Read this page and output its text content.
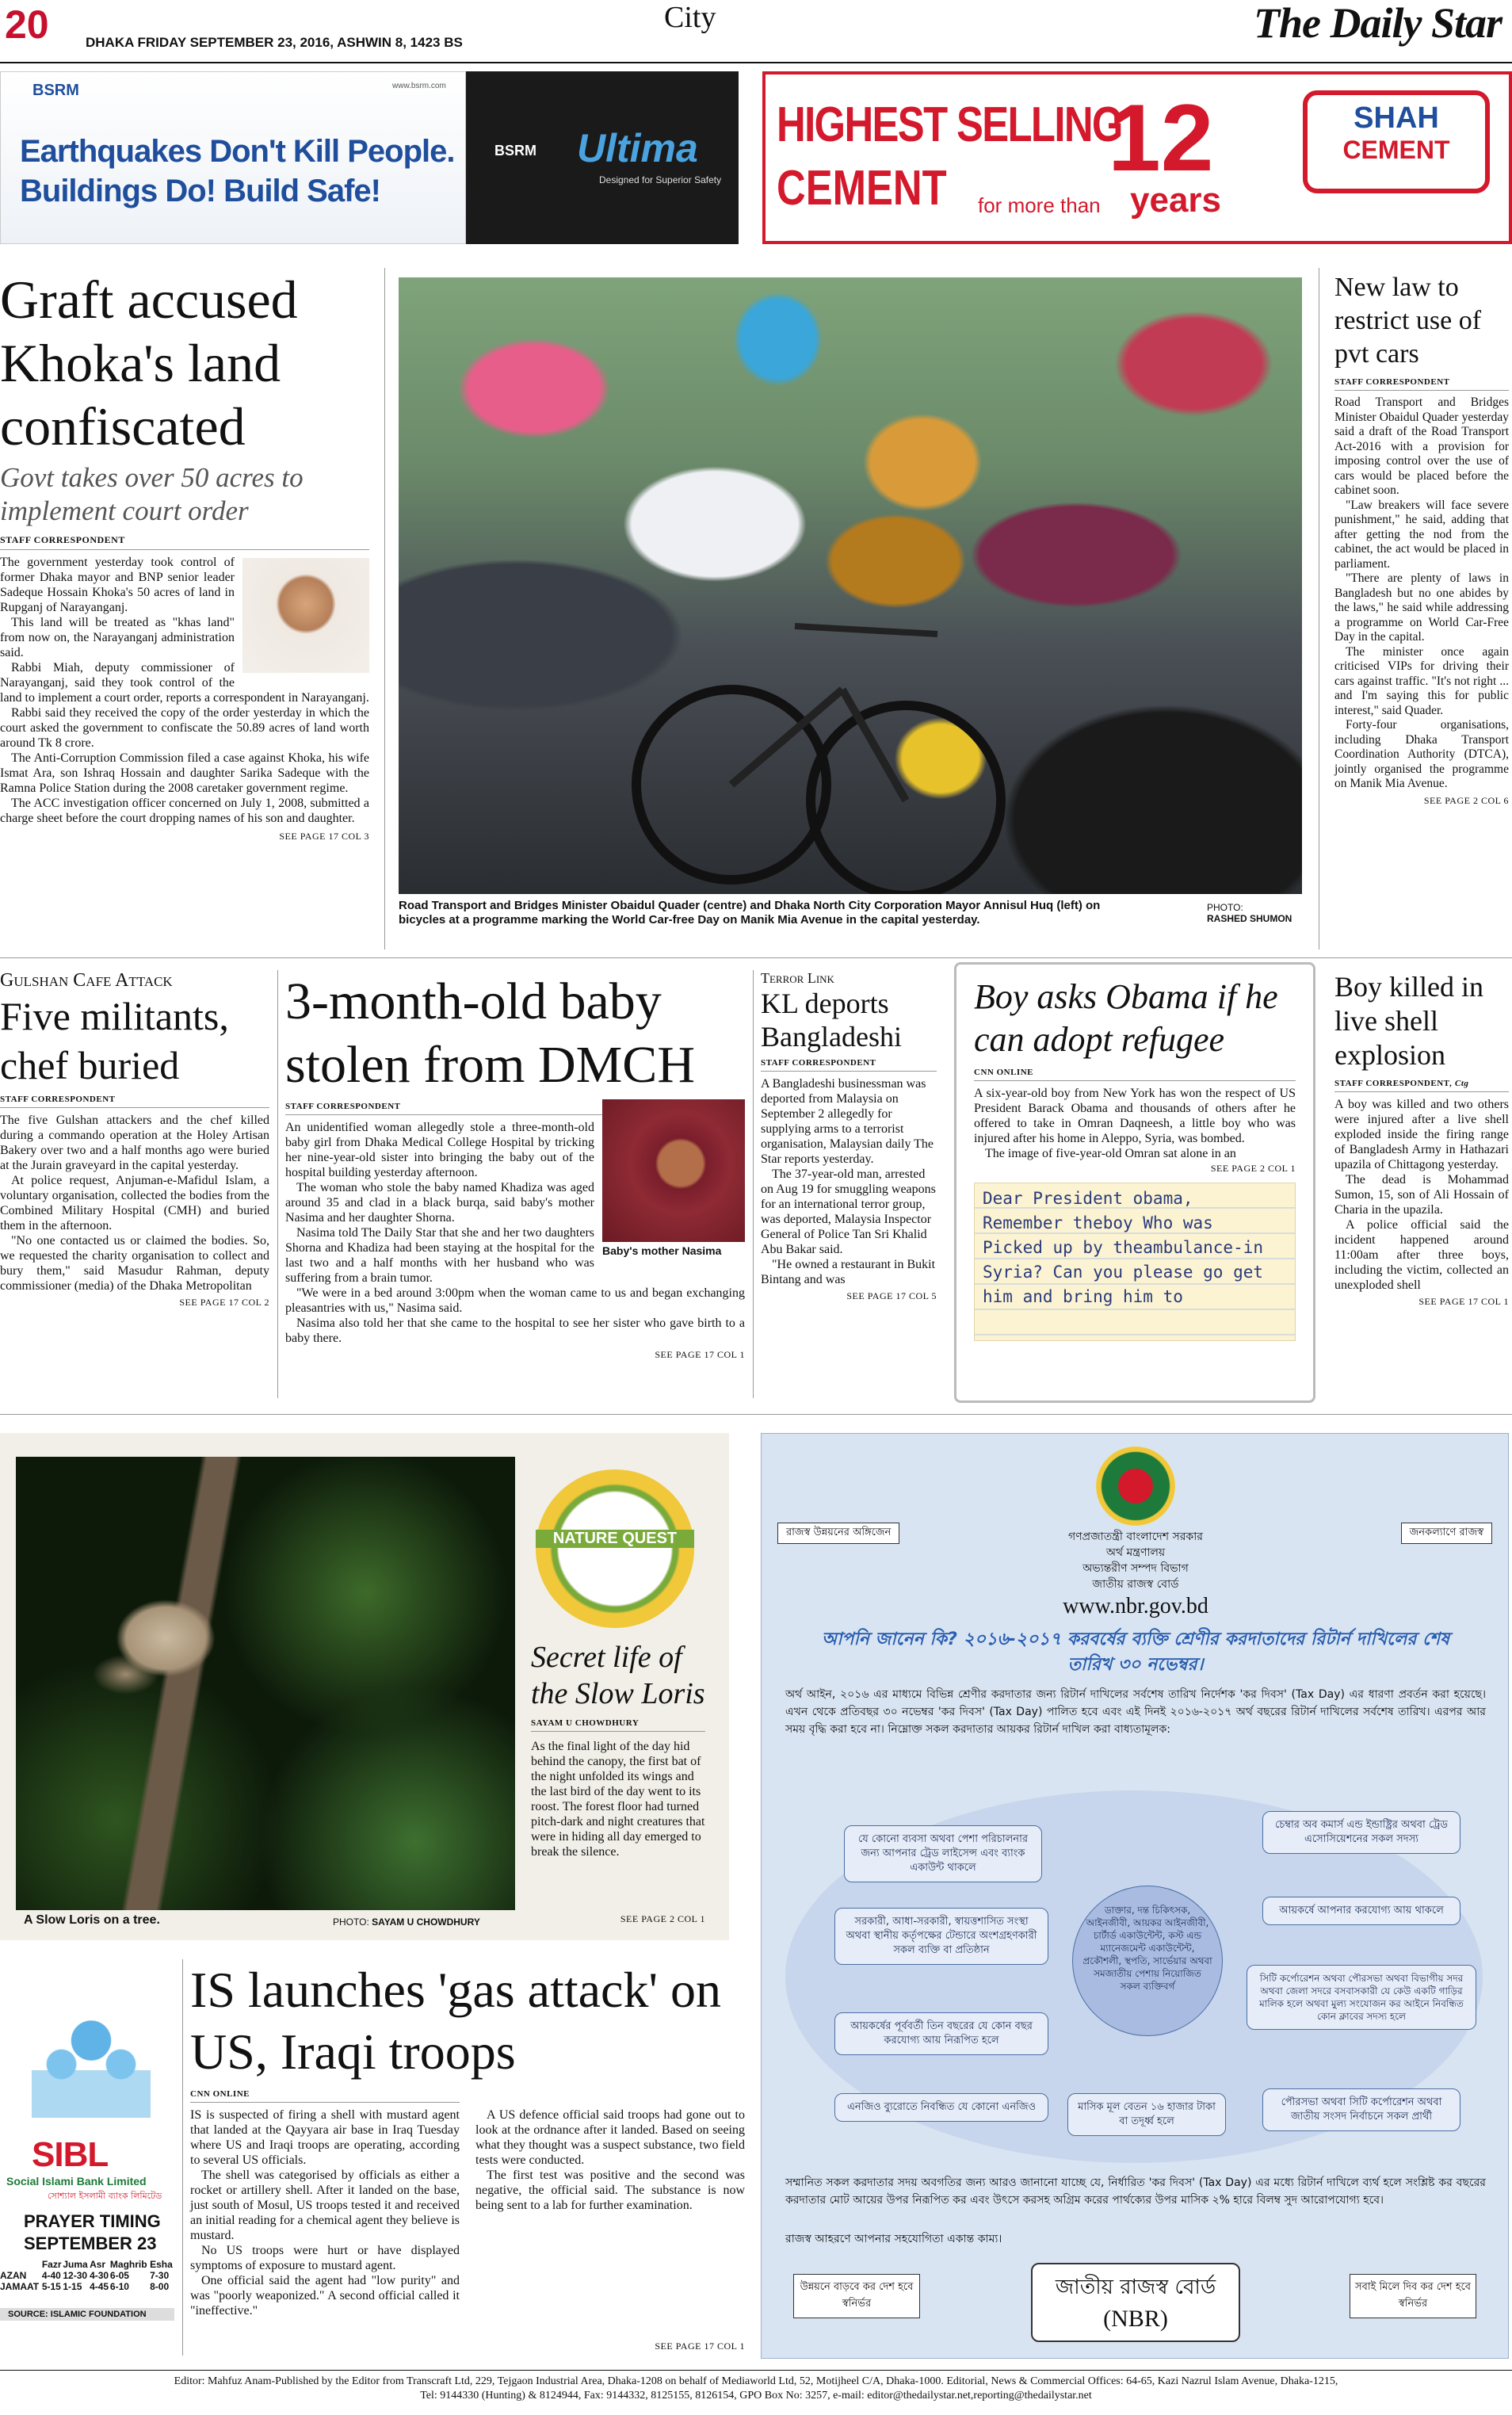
20	DHAKA FRIDAY SEPTEMBER 23, 2016, ASHWIN 8, 1423 BS
City	The Daily Star
BSRM	www.bsrm.com
Earthquakes Don't Kill People.
Buildings Do! Build Safe!
BSRM Ultima
Designed for Superior Safety
HIGHEST SELLING
CEMENT 12
for more than years
SHAH
CEMENT
Graft accused Khoka's land confiscated
Govt takes over 50 acres to implement court order
STAFF CORRESPONDENT

The government yesterday took control of former Dhaka mayor and BNP senior leader Sadeque Hossain Khoka's 50 acres of land in Rupganj of Narayanganj.

This land will be treated as "khas land" from now on, the Narayanganj administration said.

Rabbi Miah, deputy commissioner of Narayanganj, said they took control of the land to implement a court order, reports a correspondent in Narayanganj.

Rabbi said they received the copy of the order yesterday in which the court asked the government to confiscate the 50.89 acres of land worth around Tk 8 crore.

The Anti-Corruption Commission filed a case against Khoka, his wife Ismat Ara, son Ishraq Hossain and daughter Sarika Sadeque with the Ramna Police Station during the 2008 caretaker government regime.

The ACC investigation officer concerned on July 1, 2008, submitted a charge sheet before the court dropping names of his son and daughter.

SEE PAGE 17 COL 3
Road Transport and Bridges Minister Obaidul Quader (centre) and Dhaka North City Corporation Mayor Annisul Huq (left) on bicycles at a programme marking the World Car-free Day on Manik Mia Avenue in the capital yesterday.
PHOTO:
RASHED SHUMON
New law to restrict use of pvt cars
STAFF CORRESPONDENT

Road Transport and Bridges Minister Obaidul Quader yesterday said a draft of the Road Transport Act-2016 with a provision for imposing control over the use of cars would be placed before the cabinet soon.

"Law breakers will face severe punishment," he said, adding that after getting the nod from the cabinet, the act would be placed in parliament.

"There are plenty of laws in Bangladesh but no one abides by the laws," he said while addressing a programme on World Car-Free Day in the capital.

The minister once again criticised VIPs for driving their cars against traffic. "It's not right ... and I'm saying this for public interest," said Quader.

Forty-four organisations, including Dhaka Transport Coordination Authority (DTCA), jointly organised the programme on Manik Mia Avenue.

SEE PAGE 2 COL 6
Gulshan Cafe Attack
Five militants, chef buried
STAFF CORRESPONDENT

The five Gulshan attackers and the chef killed during a commando operation at the Holey Artisan Bakery over two and a half months ago were buried at the Jurain graveyard in the capital yesterday.

At police request, Anjuman-e-Mafidul Islam, a voluntary organisation, collected the bodies from the Combined Military Hospital (CMH) and buried them in the afternoon.

"No one contacted us or claimed the bodies. So, we requested the charity organisation to collect and bury them," said Masudur Rahman, deputy commissioner (media) of the Dhaka Metropolitan

SEE PAGE 17 COL 2
3-month-old baby stolen from DMCH
STAFF CORRESPONDENT
Baby's mother Nasima

An unidentified woman allegedly stole a three-month-old baby girl from Dhaka Medical College Hospital by tricking her nine-year-old sister into bringing the baby out of the hospital building yesterday afternoon.

The woman who stole the baby named Khadiza was aged around 35 and clad in a black burqa, said baby's mother Nasima and her daughter Shorna.

Nasima told The Daily Star that she and her two daughters Shorna and Khadiza had been staying at the hospital for the last two and a half months with her husband who was suffering from a brain tumor.

"We were in a bed around 3:00pm when the woman came to us and began exchanging pleasantries with us," Nasima said.

Nasima also told her that she came to the hospital to see her sister who gave birth to a baby there.

SEE PAGE 17 COL 1
Terror Link
KL deports Bangladeshi
STAFF CORRESPONDENT

A Bangladeshi businessman was deported from Malaysia on September 2 allegedly for supplying arms to a terrorist organisation, Malaysian daily The Star reports yesterday.

The 37-year-old man, arrested on Aug 19 for smuggling weapons for an international terror group, was deported, Malaysia Inspector General of Police Tan Sri Khalid Abu Bakar said.

"He owned a restaurant in Bukit Bintang and was

SEE PAGE 17 COL 5
Boy asks Obama if he can adopt refugee
CNN ONLINE

A six-year-old boy from New York has won the respect of US President Barack Obama and thousands of others after he offered to take in Omran Daqneesh, a little boy who was injured after his home in Aleppo, Syria, was bombed.

The image of five-year-old Omran sat alone in an

SEE PAGE 2 COL 1
Dear President obama,
Remember theboy Who was
Picked up by theambulance-in
Syria? Can you please go get
him and bring him to
Boy killed in live shell explosion
STAFF CORRESPONDENT, Ctg

A boy was killed and two others were injured after a live shell exploded inside the firing range of Bangladesh Army in Hathazari upazila of Chittagong yesterday.

The dead is Mohammad Sumon, 15, son of Ali Hossain of Charia in the upazila.

A police official said the incident happened around 11:00am after three boys, including the victim, collected an unexploded shell

SEE PAGE 17 COL 1
A Slow Loris on a tree.	PHOTO: SAYAM U CHOWDHURY
NATURE QUEST
Secret life of the Slow Loris
SAYAM U CHOWDHURY

As the final light of the day hid behind the canopy, the first bat of the night unfolded its wings and the last bird of the day went to its roost. The forest floor had turned pitch-dark and night creatures that were in hiding all day emerged to break the silence.

SEE PAGE 2 COL 1
রাজস্ব উন্নয়নের অঙ্গিজেন	জনকল্যাণে রাজস্ব
গণপ্রজাতন্ত্রী বাংলাদেশ সরকার
অর্থ মন্ত্রণালয়
অভ্যন্তরীণ সম্পদ বিভাগ
জাতীয় রাজস্ব বোর্ড
www.nbr.gov.bd
আপনি জানেন কি? ২০১৬-২০১৭ করবর্ষের ব্যক্তি শ্রেণীর করদাতাদের রিটার্ন দাখিলের শেষ তারিখ ৩০ নভেম্বর।
অর্থ আইন, ২০১৬ এর মাধ্যমে বিভিন্ন শ্রেণীর করদাতার জন্য রিটার্ন দাখিলের সর্বশেষ তারিখ নির্দেশক 'কর দিবস' (Tax Day) এর ধারণা প্রবর্তন করা হয়েছে। এখন থেকে প্রতিবছর ৩০ নভেম্বর 'কর দিবস' (Tax Day) পালিত হবে এবং এই দিনই ২০১৬-২০১৭ অর্থ বছরের রিটার্ন দাখিলের সর্বশেষ তারিখ। এরপর আর সময় বৃদ্ধি করা হবে না। নিম্নোক্ত সকল করদাতার আয়কর রিটার্ন দাখিল করা বাধ্যতামূলক:
যে কোনো ব্যবসা অথবা পেশা পরিচালনার জন্য আপনার ট্রেড লাইসেন্স এবং ব্যাংক একাউন্ট থাকলে
সরকারী, আধা-সরকারী, স্বায়ত্তশাসিত সংস্থা অথবা স্থানীয় কর্তৃপক্ষের টেন্ডারে অংশগ্রহণকারী সকল ব্যক্তি বা প্রতিষ্ঠান
আয়কর্ষের পূর্ববর্তী তিন বছরের যে কোন বছর করযোগ্য আয় নিরূপিত হলে
এনজিও ব্যুরোতে নিবন্ধিত যে কোনো এনজিও	মাসিক মূল বেতন ১৬ হাজার টাকা বা তদূর্ধ্ব হলে
ডাক্তার, দন্ত চিকিৎসক, আইনজীবী, আয়কর আইনজীবী, চার্টার্ড একাউন্টেন্ট, কস্ট এন্ড ম্যানেজমেন্ট একাউন্টেন্ট, প্রকৌশলী, স্থপতি, সার্ভেয়ার অথবা সমজাতীয় পেশায় নিয়োজিত সকল ব্যক্তিবর্গ
চেম্বার অব কমার্স এন্ড ইন্ডাষ্ট্রির অথবা ট্রেড এসোসিয়েশনের সকল সদস্য
আয়কর্ষে আপনার করযোগ্য আয় থাকলে
সিটি কর্পোরেশন অথবা পৌরসভা অথবা বিভাগীয় সদর অথবা জেলা সদরে বসবাসকারী যে কেউ একটি গাড়ির মালিক হলে অথবা মুল্য সংযোজন কর আইনে নিবন্ধিত কোন ক্লাবের সদস্য হলে
পৌরসভা অথবা সিটি কর্পোরেশন অথবা জাতীয় সংসদ নির্বাচনে সকল প্রার্থী
সম্মানিত সকল করদাতার সদয় অবগতির জন্য আরও জানানো যাচ্ছে যে, নির্ধারিত 'কর দিবস' (Tax Day) এর মধ্যে রিটার্ন দাখিলে ব্যর্থ হলে সংশ্লিষ্ট কর বছরের করদাতার মোট আয়ের উপর নিরূপিত কর এবং উৎসে করসহ অগ্রিম করের পার্থক্যের উপর মাসিক ২% হারে বিলম্ব সুদ আরোপযোগ্য হবে।
রাজস্ব আহরণে আপনার সহযোগিতা একান্ত কাম্য।
উন্নয়নে বাড়বে কর দেশ হবে স্বনির্ভর
জাতীয় রাজস্ব বোর্ড
(NBR)
সবাই মিলে দিব কর দেশ হবে স্বনির্ভর
SIBL
Social Islami Bank Limited
সোশ্যাল ইসলামী ব্যাংক লিমিটেড
PRAYER TIMING
SEPTEMBER 23
	Fazr	Juma	Asr	Maghrib	Esha
AZAN	4-40	12-30	4-30	6-05	7-30
JAMAAT	5-15	1-15	4-45	6-10	8-00
SOURCE: ISLAMIC FOUNDATION
IS launches 'gas attack' on US, Iraqi troops
CNN ONLINE

IS is suspected of firing a shell with mustard agent that landed at the Qayyara air base in Iraq Tuesday where US and Iraqi troops are operating, according to several US officials.

The shell was categorised by officials as either a rocket or artillery shell. After it landed on the base, just south of Mosul, US troops tested it and received an initial reading for a chemical agent they believe is mustard.

No US troops were hurt or have displayed symptoms of exposure to mustard agent.

One official said the agent had "low purity" and was "poorly weaponized." A second official called it "ineffective."

A US defence official said troops had gone out to look at the ordnance after it landed. Based on seeing what they thought was a suspect substance, two field tests were conducted.

The first test was positive and the second was negative, the official said. The substance is now being sent to a lab for further examination.

SEE PAGE 17 COL 1
Editor: Mahfuz Anam-Published by the Editor from Transcraft Ltd, 229, Tejgaon Industrial Area, Dhaka-1208 on behalf of Mediaworld Ltd, 52, Motijheel C/A, Dhaka-1000. Editorial, News & Commercial Offices: 64-65, Kazi Nazrul Islam Avenue, Dhaka-1215,
Tel: 9144330 (Hunting) & 8124944, Fax: 9144332, 8125155, 8126154, GPO Box No: 3257, e-mail: editor@thedailystar.net,reporting@thedailystar.net
